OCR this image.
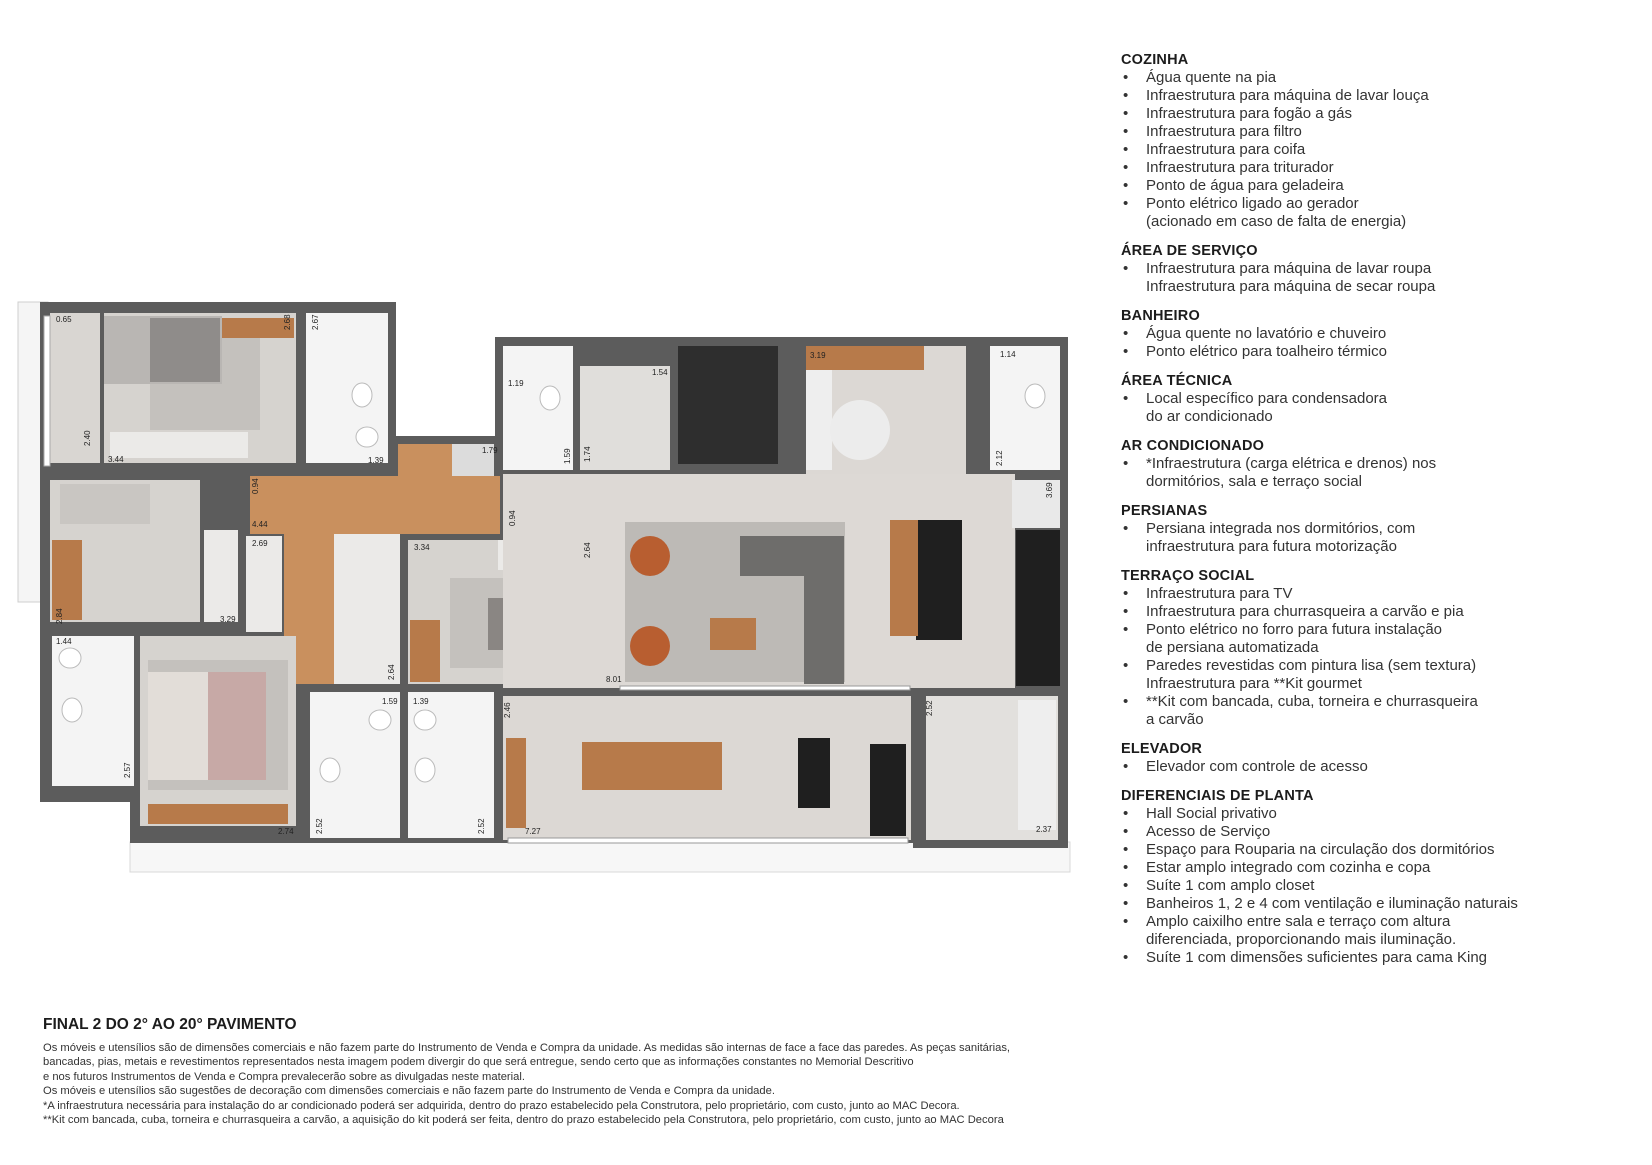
0.65	2.68 2.67
2.40
3.44	1.39
1.79
1.19
1.59 1.74
1.54
3.19	1.14
2.12
3.69
0.94
4.44	0.94
2.69	3.34	2.64
2.84	3.29
1.44
2.64
1.59 1.39
8.01
2.46	2.52
2.57
2.52	2.52
2.74	7.27	2.37
COZINHA
• Água quente na pia
• Infraestrutura para máquina de lavar louça
• Infraestrutura para fogão a gás
• Infraestrutura para filtro
• Infraestrutura para coifa
• Infraestrutura para triturador
• Ponto de água para geladeira
• Ponto elétrico ligado ao gerador
(acionado em caso de falta de energia)
ÁREA DE SERVIÇO
• Infraestrutura para máquina de lavar roupa
Infraestrutura para máquina de secar roupa
BANHEIRO
• Água quente no lavatório e chuveiro
• Ponto elétrico para toalheiro térmico
ÁREA TÉCNICA
• Local específico para condensadora
do ar condicionado
AR CONDICIONADO
• *Infraestrutura (carga elétrica e drenos) nos
dormitórios, sala e terraço social
PERSIANAS
• Persiana integrada nos dormitórios, com
infraestrutura para futura motorização
TERRAÇO SOCIAL
• Infraestrutura para TV
• Infraestrutura para churrasqueira a carvão e pia
• Ponto elétrico no forro para futura instalação
de persiana automatizada
• Paredes revestidas com pintura lisa (sem textura)
Infraestrutura para **Kit gourmet
• **Kit com bancada, cuba, torneira e churrasqueira
a carvão
ELEVADOR
• Elevador com controle de acesso
DIFERENCIAIS DE PLANTA
• Hall Social privativo
• Acesso de Serviço
• Espaço para Rouparia na circulação dos dormitórios
• Estar amplo integrado com cozinha e copa
• Suíte 1 com amplo closet
• Banheiros 1, 2 e 4 com ventilação e iluminação naturais
• Amplo caixilho entre sala e terraço com altura
diferenciada, proporcionando mais iluminação.
• Suíte 1 com dimensões suficientes para cama King
FINAL 2 DO 2° AO 20° PAVIMENTO

Os móveis e utensílios são de dimensões comerciais e não fazem parte do Instrumento de Venda e Compra da unidade. As medidas são internas de face a face das paredes. As peças sanitárias,

bancadas, pias, metais e revestimentos representados nesta imagem podem divergir do que será entregue, sendo certo que as informações constantes no Memorial Descritivo

e nos futuros Instrumentos de Venda e Compra prevalecerão sobre as divulgadas neste material.

Os móveis e utensílios são sugestões de decoração com dimensões comerciais e não fazem parte do Instrumento de Venda e Compra da unidade.

*A infraestrutura necessária para instalação do ar condicionado poderá ser adquirida, dentro do prazo estabelecido pela Construtora, pelo proprietário, com custo, junto ao MAC Decora.

**Kit com bancada, cuba, torneira e churrasqueira a carvão, a aquisição do kit poderá ser feita, dentro do prazo estabelecido pela Construtora, pelo proprietário, com custo, junto ao MAC Decora
